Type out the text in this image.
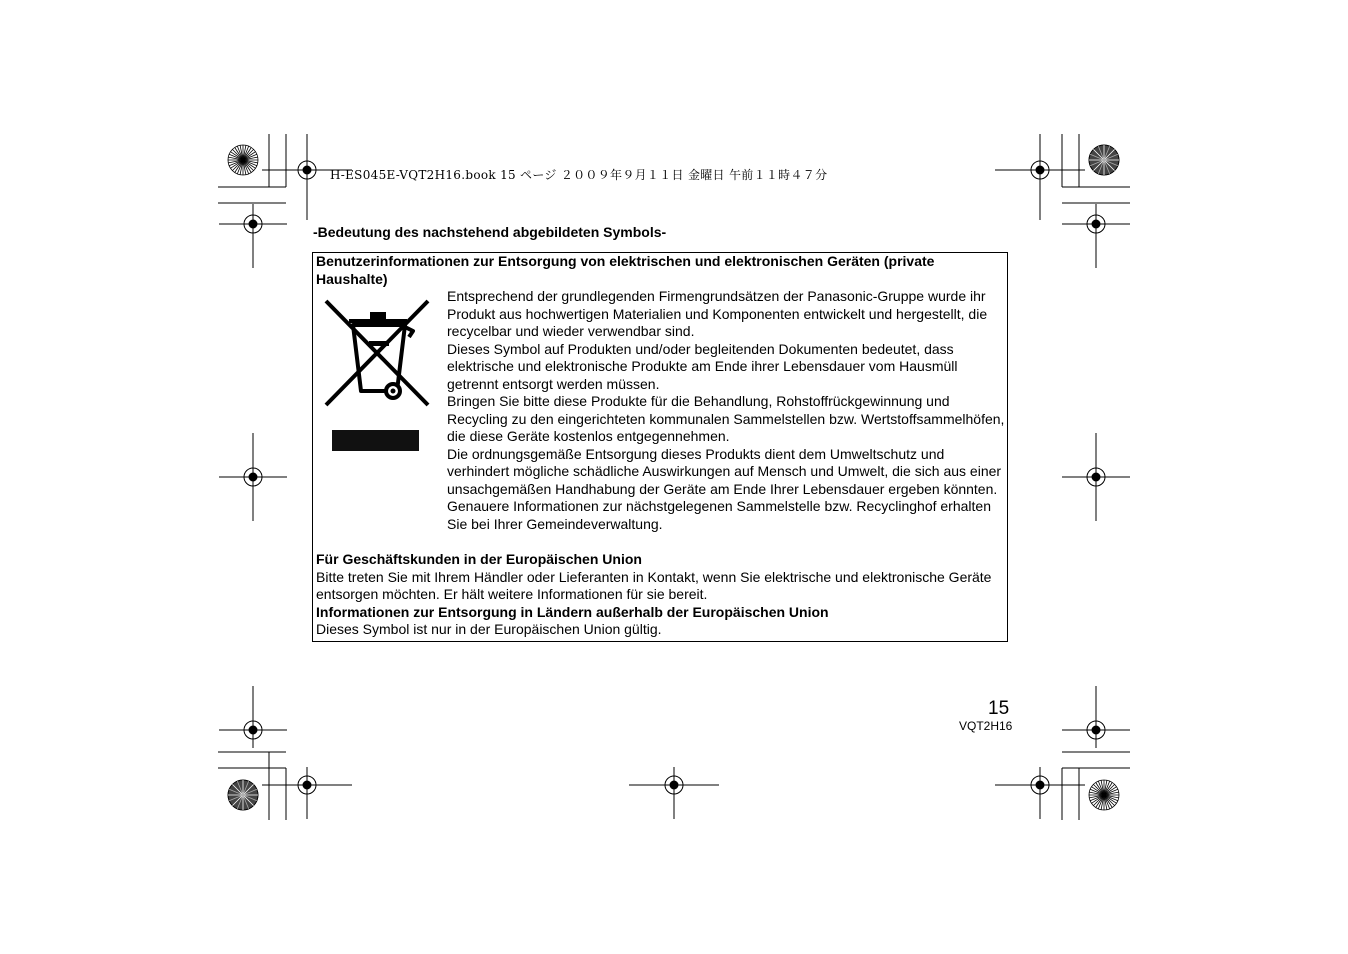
H-ES045E-VQT2H16.book 15 ページ ２００９年９月１１日 金曜日 午前１１時４７分
-Bedeutung des nachstehend abgebildeten Symbols-
Benutzerinformationen zur Entsorgung von elektrischen und elektronischen Geräten (private Haushalte)

Entsprechend der grundlegenden Firmengrundsätzen der Panasonic-Gruppe wurde ihr Produkt aus hochwertigen Materialien und Komponenten entwickelt und hergestellt, die recycelbar und wieder verwendbar sind.

Dieses Symbol auf Produkten und/oder begleitenden Dokumenten bedeutet, dass elektrische und elektronische Produkte am Ende ihrer Lebensdauer vom Hausmüll getrennt entsorgt werden müssen.

Bringen Sie bitte diese Produkte für die Behandlung, Rohstoffrückgewinnung und Recycling zu den eingerichteten kommunalen Sammelstellen bzw. Wertstoffsammelhöfen, die diese Geräte kostenlos entgegennehmen.

Die ordnungsgemäße Entsorgung dieses Produkts dient dem Umweltschutz und verhindert mögliche schädliche Auswirkungen auf Mensch und Umwelt, die sich aus einer unsachgemäßen Handhabung der Geräte am Ende Ihrer Lebensdauer ergeben könnten.

Genauere Informationen zur nächstgelegenen Sammelstelle bzw. Recyclinghof erhalten Sie bei Ihrer Gemeindeverwaltung.

Für Geschäftskunden in der Europäischen Union

Bitte treten Sie mit Ihrem Händler oder Lieferanten in Kontakt, wenn Sie elektrische und elektronische Geräte entsorgen möchten. Er hält weitere Informationen für sie bereit.

Informationen zur Entsorgung in Ländern außerhalb der Europäischen Union

Dieses Symbol ist nur in der Europäischen Union gültig.

15
VQT2H16
